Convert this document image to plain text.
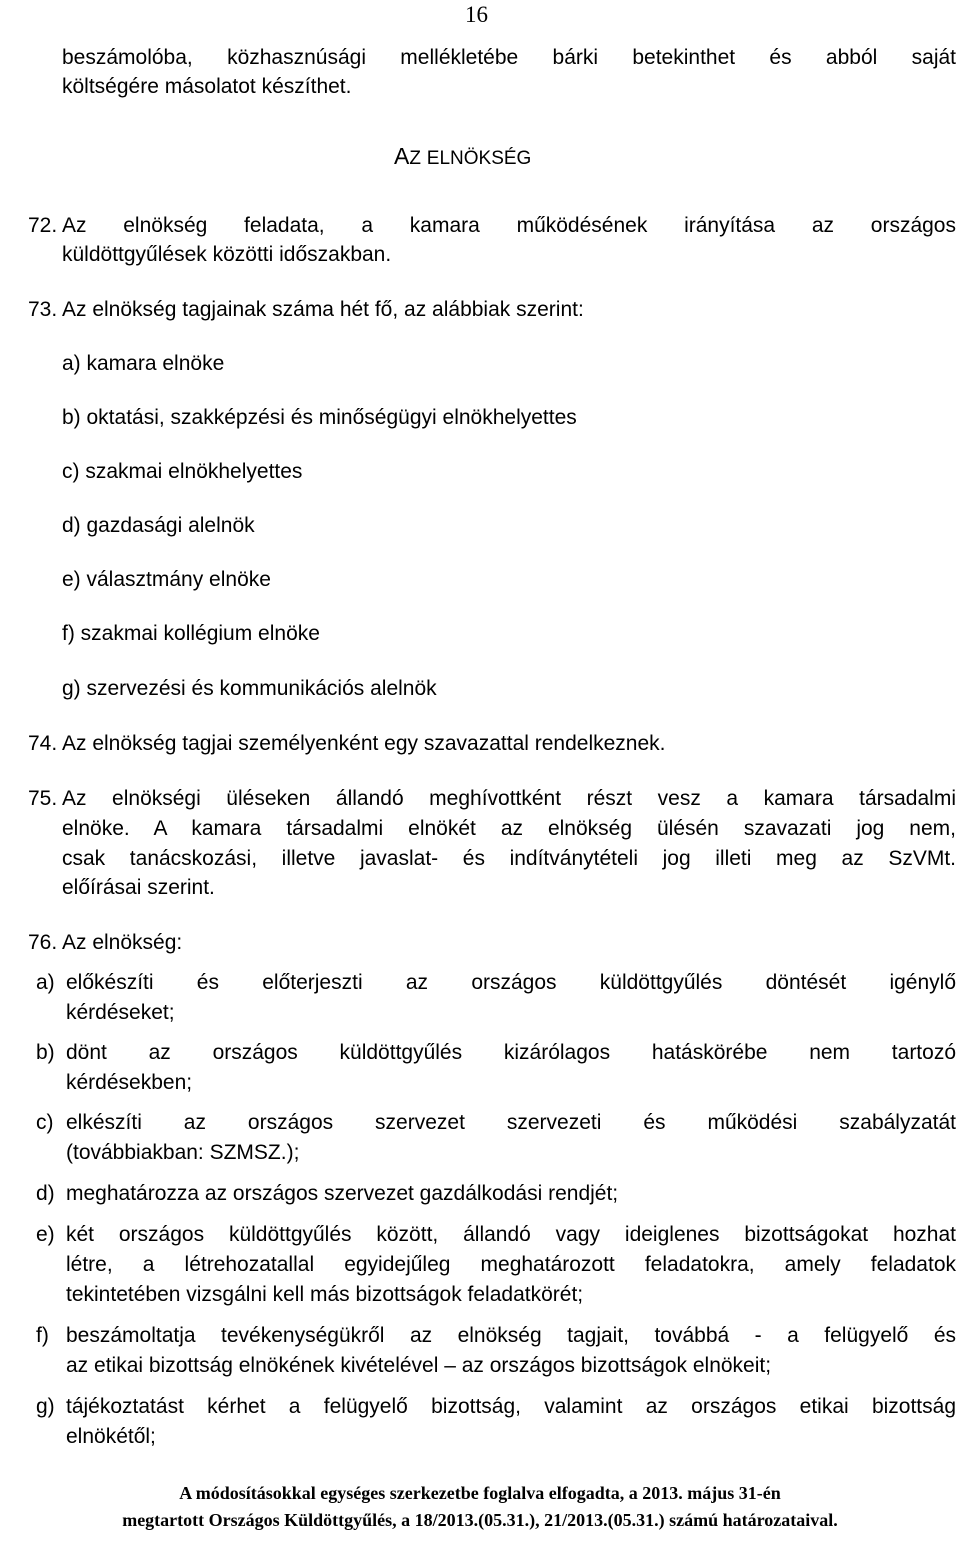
16
beszámolóba, közhasznúsági mellékletébe bárki betekinthet és abból saját
költségére másolatot készíthet.
AZ ELNÖKSÉG
72. Az elnökség feladata, a kamara működésének irányítása az országos
küldöttgyűlések közötti időszakban.
73. Az elnökség tagjainak száma hét fő, az alábbiak szerint:
a) kamara elnöke
b) oktatási, szakképzési és minőségügyi elnökhelyettes
c) szakmai elnökhelyettes
d) gazdasági alelnök
e) választmány elnöke
f) szakmai kollégium elnöke
g) szervezési és kommunikációs alelnök
74. Az elnökség tagjai személyenként egy szavazattal rendelkeznek.
75. Az elnökségi üléseken állandó meghívottként részt vesz a kamara társadalmi
elnöke. A kamara társadalmi elnökét az elnökség ülésén szavazati jog nem,
csak tanácskozási, illetve javaslat- és indítványtételi jog illeti meg az SzVMt.
előírásai szerint.
76. Az elnökség:
a) előkészíti és előterjeszti az országos küldöttgyűlés döntését igénylő
kérdéseket;
b) dönt az országos küldöttgyűlés kizárólagos hatáskörébe nem tartozó
kérdésekben;
c) elkészíti az országos szervezet szervezeti és működési szabályzatát
(továbbiakban: SZMSZ.);
d) meghatározza az országos szervezet gazdálkodási rendjét;
e) két országos küldöttgyűlés között, állandó vagy ideiglenes bizottságokat hozhat
létre, a létrehozatallal egyidejűleg meghatározott feladatokra, amely feladatok
tekintetében vizsgálni kell más bizottságok feladatkörét;
f) beszámoltatja tevékenységükről az elnökség tagjait, továbbá - a felügyelő és
az etikai bizottság elnökének kivételével – az országos bizottságok elnökeit;
g) tájékoztatást kérhet a felügyelő bizottság, valamint az országos etikai bizottság
elnökétől;
A módosításokkal egységes szerkezetbe foglalva elfogadta, a 2013. május 31-én
megtartott Országos Küldöttgyűlés, a 18/2013.(05.31.), 21/2013.(05.31.) számú határozataival.
